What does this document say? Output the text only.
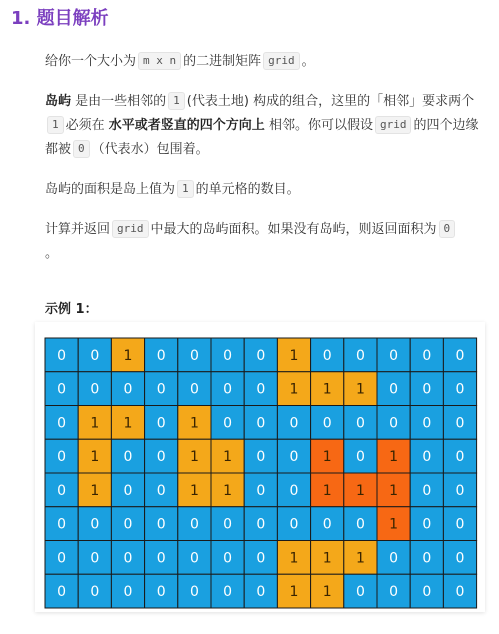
1. 题目解析

给你一个大小为 m x n 的二进制矩阵 grid 。

岛屿 是由一些相邻的 1 (代表土地) 构成的组合，这里的「相邻」要求两个1 必须在 水平或者竖直的四个方向上 相邻。你可以假设 grid 的四个边缘都被 0 （代表水）包围着。

岛屿的面积是岛上值为 1 的单元格的数目。

计算并返回 grid 中最大的岛屿面积。如果没有岛屿，则返回面积为 0
。

示例 1：
0 0 1 0 0 0 0 1 0 0 0 0 0
0 0 0 0 0 0 0 1 1 1 0 0 0
0 1 1 0 1 0 0 0 0 0 0 0 0
0 1 0 0 1 1 0 0 1 0 1 0 0
0 1 0 0 1 1 0 0 1 1 1 0 0
0 0 0 0 0 0 0 0 0 0 1 0 0
0 0 0 0 0 0 0 1 1 1 0 0 0
0 0 0 0 0 0 0 1 1 0 0 0 0
